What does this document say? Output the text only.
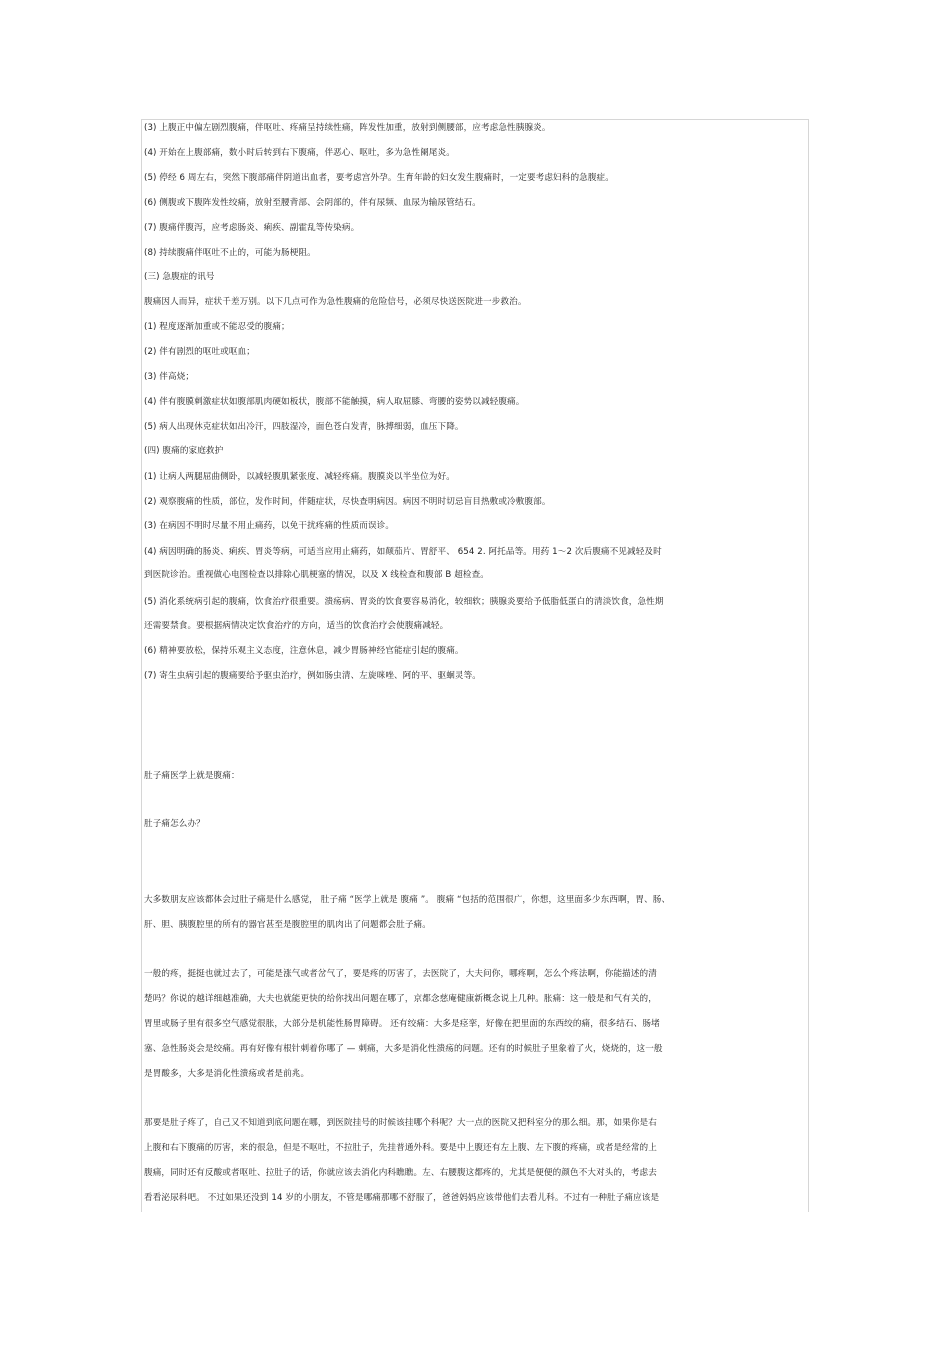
(3) 上腹正中偏左剧烈腹痛，伴呕吐、疼痛呈持续性痛，阵发性加重，放射到侧腰部，应考虑急性胰腺炎。
(4) 开始在上腹部痛，数小时后转到右下腹痛，伴恶心、呕吐，多为急性阑尾炎。
(5) 停经 6 周左右，突然下腹部痛伴阴道出血者，要考虑宫外孕。生育年龄的妇女发生腹痛时，一定要考虑妇科的急腹症。
(6) 侧腹或下腹阵发性绞痛，放射至腰背部、会阴部的，伴有尿频、血尿为输尿管结石。
(7) 腹痛伴腹泻，应考虑肠炎、痢疾、副霍乱等传染病。
(8) 持续腹痛伴呕吐不止的，可能为肠梗阻。
(三) 急腹症的讯号
腹痛因人而异，症状千差万别。以下几点可作为急性腹痛的危险信号，必须尽快送医院进一步救治。
(1) 程度逐渐加重或不能忍受的腹痛；
(2) 伴有剧烈的呕吐或呕血；
(3) 伴高烧；
(4) 伴有腹膜刺激症状如腹部肌肉硬如板状，腹部不能触摸，病人取屈膝、弯腰的姿势以减轻腹痛。
(5) 病人出现休克症状如出冷汗，四肢湿冷，面色苍白发青，脉搏细弱，血压下降。
(四) 腹痛的家庭救护
(1) 让病人两腿屈曲侧卧，以减轻腹肌紧张度、减轻疼痛。腹膜炎以半坐位为好。
(2) 观察腹痛的性质，部位，发作时间，伴随症状，尽快查明病因。病因不明时切忌盲目热敷或冷敷腹部。
(3) 在病因不明时尽量不用止痛药，以免干扰疼痛的性质而误诊。
(4) 病因明确的肠炎、痢疾、胃炎等病，可适当应用止痛药，如颠茄片、胃舒平、 654 2. 阿托品等。用药 1～2 次后腹痛不见减轻及时
到医院诊治。重视做心电图检查以排除心肌梗塞的情况，以及 X 线检查和腹部 B 超检查。
(5) 消化系统病引起的腹痛，饮食治疗很重要。溃疡病、胃炎的饮食要容易消化，较细软；胰腺炎要给予低脂低蛋白的清淡饮食，急性期
还需要禁食。要根据病情决定饮食治疗的方向，适当的饮食治疗会使腹痛减轻。
(6) 精神要放松，保持乐观主义态度，注意休息，减少胃肠神经官能症引起的腹痛。
(7) 寄生虫病引起的腹痛要给予驱虫治疗，例如肠虫清、左旋咪唑、阿的平、驱蛔灵等。
肚子痛医学上就是腹痛：
肚子痛怎么办？
大多数朋友应该都体会过肚子痛是什么感觉， 肚子痛 “医学上就是 腹痛 ”。 腹痛 “包括的范围很广，你想，这里面多少东西啊，胃、肠、
肝、胆、胰腹腔里的所有的器官甚至是腹腔里的肌肉出了问题都会肚子痛。
一般的疼，挺挺也就过去了，可能是涨气或者岔气了，要是疼的厉害了，去医院了，大夫问你，哪疼啊，怎么个疼法啊，你能描述的清
楚吗？你说的越详细越准确，大夫也就能更快的给你找出问题在哪了，京都念慈庵健康新概念说上几种。胀痛：这一般是和气有关的，
胃里或肠子里有很多空气感觉很胀，大部分是机能性肠胃障碍。 还有绞痛：大多是痉挛，好像在把里面的东西绞的痛，很多结石、肠堵
塞、急性肠炎会是绞痛。再有好像有根针刺着你哪了 — 刺痛，大多是消化性溃疡的问题。还有的时候肚子里象着了火，烧烧的，这一般
是胃酸多，大多是消化性溃疡或者是前兆。
那要是肚子疼了，自己又不知道到底问题在哪，到医院挂号的时候该挂哪个科呢？大一点的医院又把科室分的那么细。那，如果你是右
上腹和右下腹痛的厉害，来的很急，但是不呕吐，不拉肚子，先挂普通外科。要是中上腹还有左上腹、左下腹的疼痛，或者是经常的上
腹痛，同时还有反酸或者呕吐、拉肚子的话，你就应该去消化内科瞧瞧。左、右腰腹这都疼的，尤其是便便的颜色不大对头的，考虑去
看看泌尿科吧。 不过如果还没到 14 岁的小朋友，不管是哪痛那哪不舒服了，爸爸妈妈应该带他们去看儿科。不过有一种肚子痛应该是
